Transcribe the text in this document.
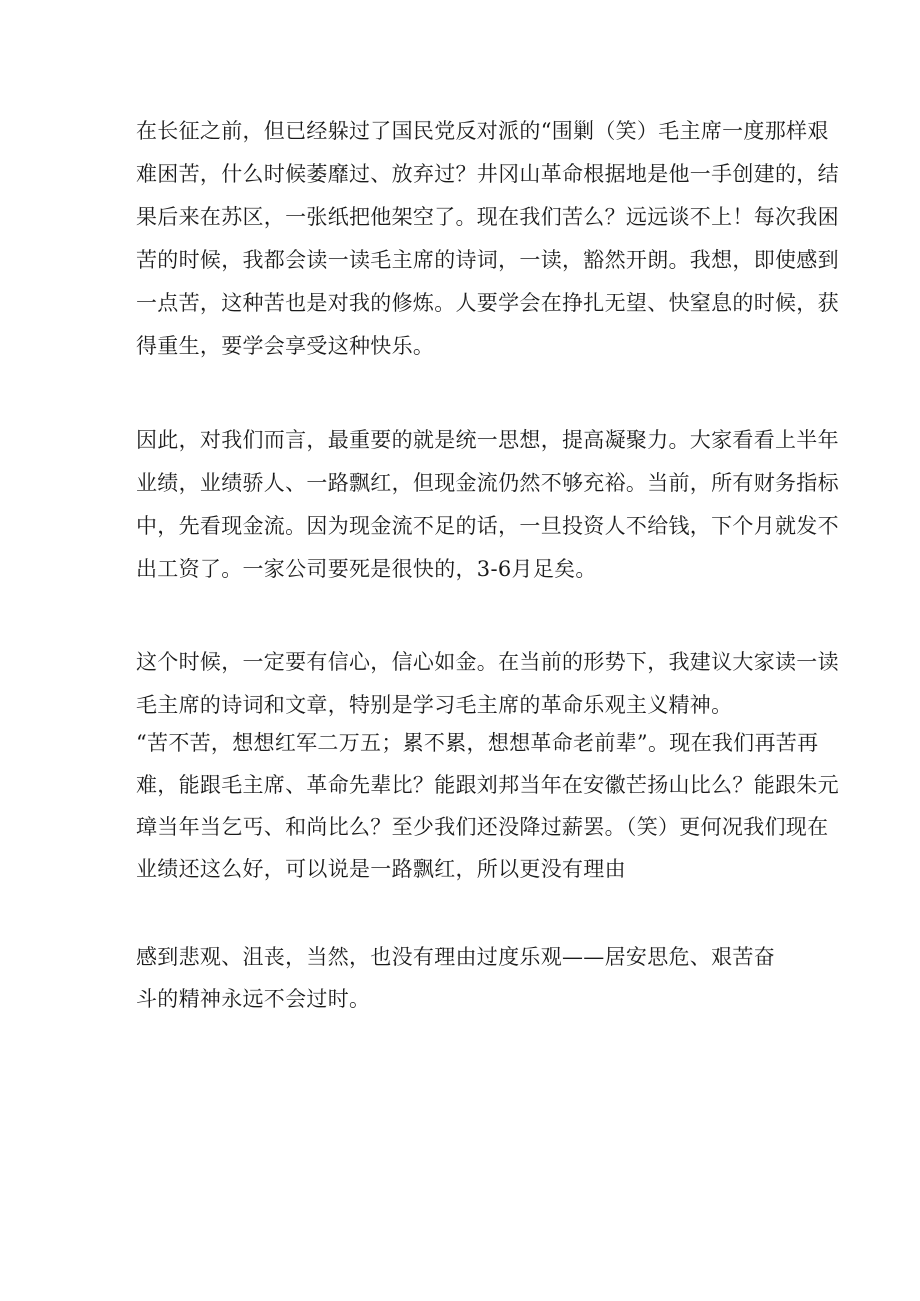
在长征之前，但已经躲过了国民党反对派的“围剿（笑）毛主席一度那样艰
难困苦，什么时候萎靡过、放弃过？井冈山革命根据地是他一手创建的，结
果后来在苏区，一张纸把他架空了。现在我们苦么？远远谈不上！每次我困
苦的时候，我都会读一读毛主席的诗词，一读，豁然开朗。我想，即使感到
一点苦，这种苦也是对我的修炼。人要学会在挣扎无望、快窒息的时候，获
得重生，要学会享受这种快乐。
因此，对我们而言，最重要的就是统一思想，提高凝聚力。大家看看上半年
业绩，业绩骄人、一路飘红，但现金流仍然不够充裕。当前，所有财务指标
中，先看现金流。因为现金流不足的话，一旦投资人不给钱，下个月就发不
出工资了。一家公司要死是很快的，3-6月足矣。
这个时候，一定要有信心，信心如金。在当前的形势下，我建议大家读一读
毛主席的诗词和文章，特别是学习毛主席的革命乐观主义精神。
“苦不苦，想想红军二万五；累不累，想想革命老前辈”。现在我们再苦再
难，能跟毛主席、革命先辈比？能跟刘邦当年在安徽芒扬山比么？能跟朱元
璋当年当乞丐、和尚比么？至少我们还没降过薪罢。（笑）更何况我们现在
业绩还这么好，可以说是一路飘红，所以更没有理由
感到悲观、沮丧，当然，也没有理由过度乐观——居安思危、艰苦奋
斗的精神永远不会过时。
